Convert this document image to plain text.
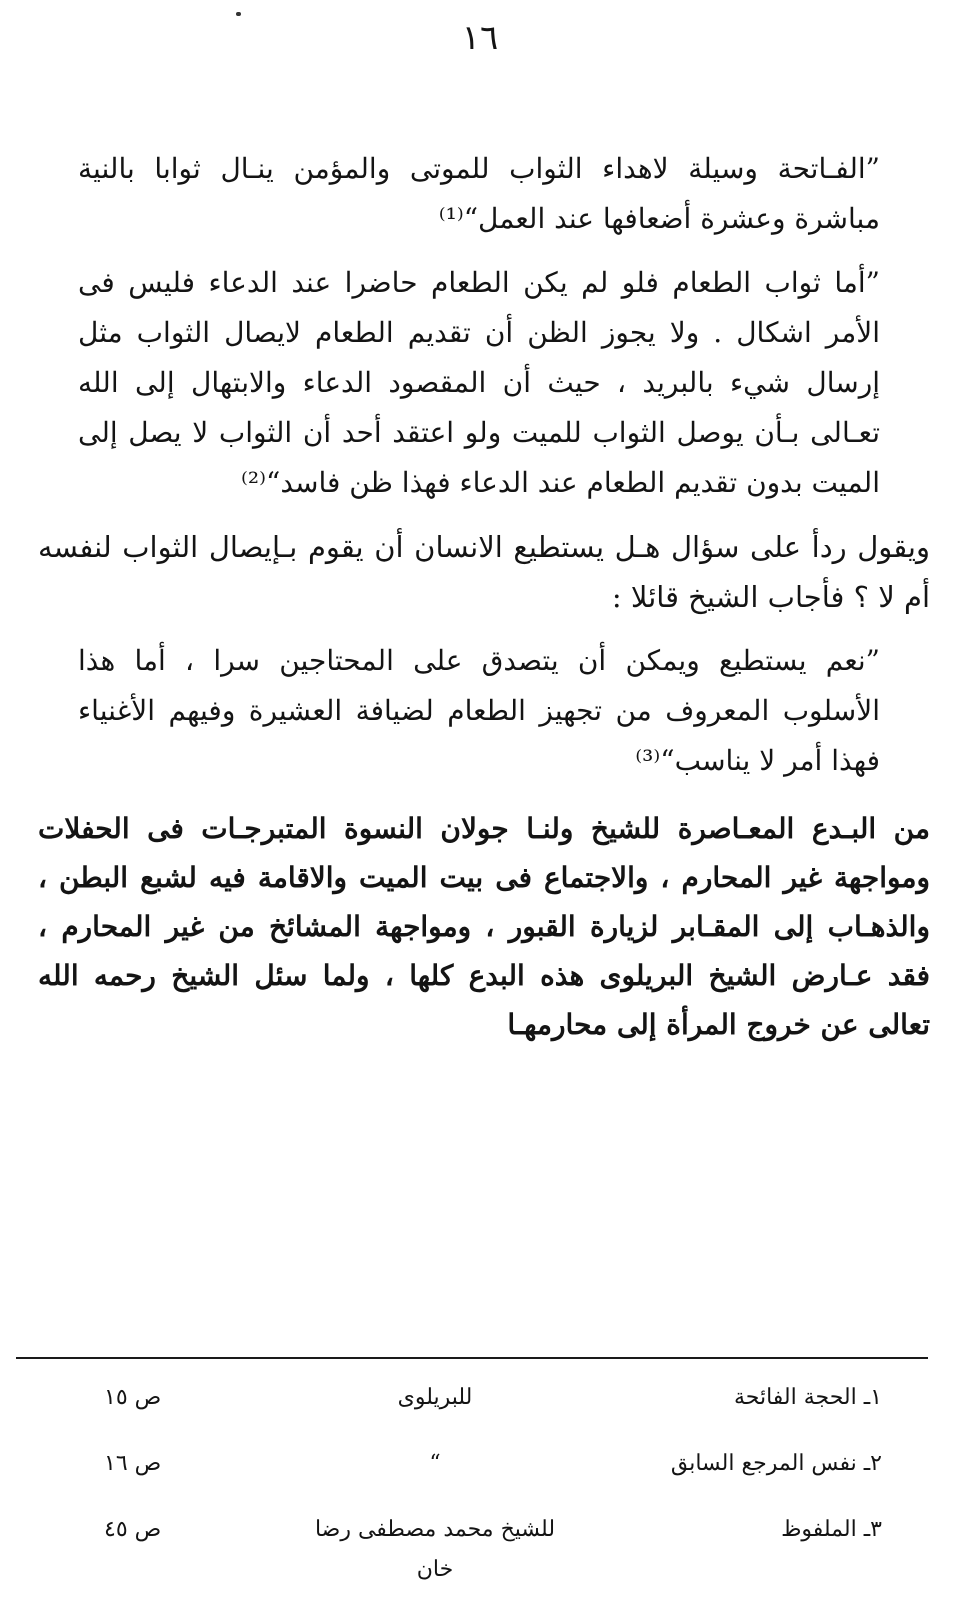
١٦

”الفـاتحة وسيلة لاهداء الثواب للموتى والمؤمن ينـال ثوابا بالنية مباشرة وعشرة أضعافها عند العمل“⁽¹⁾

”أما ثواب الطعام فلو لم يكن الطعام حاضرا عند الدعاء فليس فى الأمر اشكال . ولا يجوز الظن أن تقديم الطعام لايصال الثواب مثل إرسال شيء بالبريد ، حيث أن المقصود الدعاء والابتهال إلى الله تعـالى بـأن يوصل الثواب للميت ولو اعتقد أحد أن الثواب لا يصل إلى الميت بدون تقديم الطعام عند الدعاء فهذا ظن فاسد“⁽²⁾

ويقول ردأ على سؤال هـل يستطيع الانسان أن يقوم بـإيصال الثواب لنفسه أم لا ؟ فأجاب الشيخ قائلا :

”نعم يستطيع ويمكن أن يتصدق على المحتاجين سرا ، أما هذا الأسلوب المعروف من تجهيز الطعام لضيافة العشيرة وفيهم الأغنياء فهذا أمر لا يناسب“⁽³⁾

من البـدع المعـاصرة للشيخ ولنـا جولان النسوة المتبرجـات فى الحفلات ومواجهة غير المحارم ، والاجتماع فى بيت الميت والاقامة فيه لشبع البطن ، والذهـاب إلى المقـابر لزيارة القبور ، ومواجهة المشائخ من غير المحارم ، فقد عـارض الشيخ البريلوى هذه البدع كلها ، ولما سئل الشيخ رحمه الله تعالى عن خروج المرأة إلى محارمهـا

١ـ الحجة الفائحة
للبريلوى
ص ١٥
٢ـ نفس المرجع السابق
“
ص ١٦
٣ـ الملفوظ
للشيخ محمد مصطفى رضا خان
ص ٤٥
